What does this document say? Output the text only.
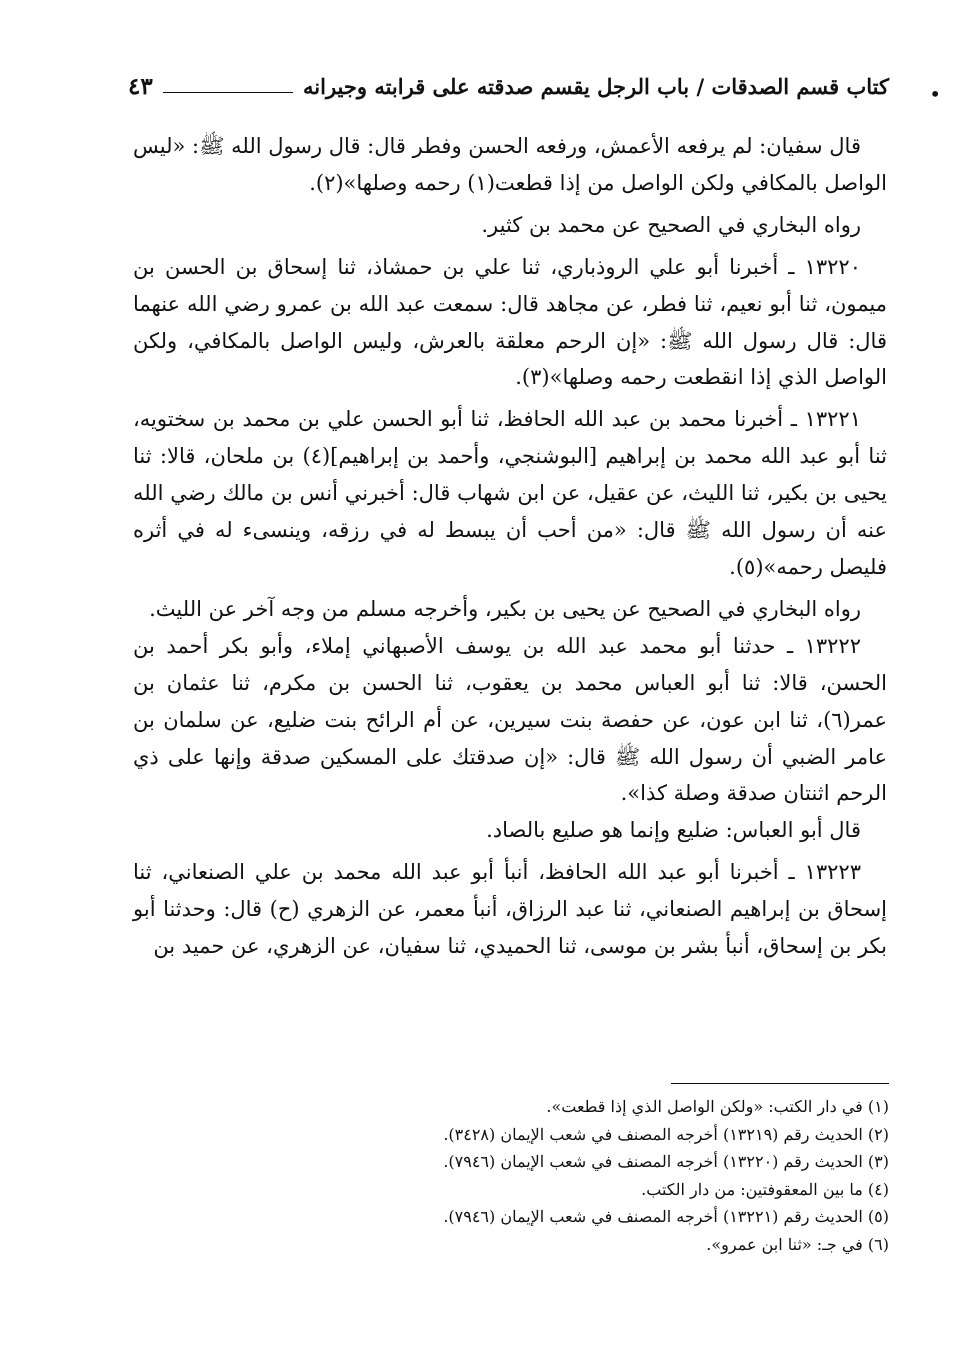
•
كتاب قسم الصدقات / باب الرجل يقسم صدقته على قرابته وجيرانه
٤٣

قال سفيان: لم يرفعه الأعمش، ورفعه الحسن وفطر قال: قال رسول الله ﷺ: «ليس الواصل بالمكافي ولكن الواصل من إذا قطعت(١) رحمه وصلها»(٢).

رواه البخاري في الصحيح عن محمد بن كثير.

١٣٢٢٠ ـ أخبرنا أبو علي الروذباري، ثنا علي بن حمشاذ، ثنا إسحاق بن الحسن بن ميمون، ثنا أبو نعيم، ثنا فطر، عن مجاهد قال: سمعت عبد الله بن عمرو رضي الله عنهما قال: قال رسول الله ﷺ: «إن الرحم معلقة بالعرش، وليس الواصل بالمكافي، ولكن الواصل الذي إذا انقطعت رحمه وصلها»(٣).

١٣٢٢١ ـ أخبرنا محمد بن عبد الله الحافظ، ثنا أبو الحسن علي بن محمد بن سختويه، ثنا أبو عبد الله محمد بن إبراهيم [البوشنجي، وأحمد بن إبراهيم](٤) بن ملحان، قالا: ثنا يحيى بن بكير، ثنا الليث، عن عقيل، عن ابن شهاب قال: أخبرني أنس بن مالك رضي الله عنه أن رسول الله ﷺ قال: «من أحب أن يبسط له في رزقه، وينسىء له في أثره فليصل رحمه»(٥).

رواه البخاري في الصحيح عن يحيى بن بكير، وأخرجه مسلم من وجه آخر عن الليث.

١٣٢٢٢ ـ حدثنا أبو محمد عبد الله بن يوسف الأصبهاني إملاء، وأبو بكر أحمد بن الحسن، قالا: ثنا أبو العباس محمد بن يعقوب، ثنا الحسن بن مكرم، ثنا عثمان بن عمر(٦)، ثنا ابن عون، عن حفصة بنت سيرين، عن أم الرائح بنت ضليع، عن سلمان بن عامر الضبي أن رسول الله ﷺ قال: «إن صدقتك على المسكين صدقة وإنها على ذي الرحم اثنتان صدقة وصلة كذا».

قال أبو العباس: ضليع وإنما هو صليع بالصاد.

١٣٢٢٣ ـ أخبرنا أبو عبد الله الحافظ، أنبأ أبو عبد الله محمد بن علي الصنعاني، ثنا إسحاق بن إبراهيم الصنعاني، ثنا عبد الرزاق، أنبأ معمر، عن الزهري (ح) قال: وحدثنا أبو بكر بن إسحاق، أنبأ بشر بن موسى، ثنا الحميدي، ثنا سفيان، عن الزهري، عن حميد بن

(١) في دار الكتب: «ولكن الواصل الذي إذا قطعت».
(٢) الحديث رقم (١٣٢١٩) أخرجه المصنف في شعب الإيمان (٣٤٢٨).
(٣) الحديث رقم (١٣٢٢٠) أخرجه المصنف في شعب الإيمان (٧٩٤٦).
(٤) ما بين المعقوفتين: من دار الكتب.
(٥) الحديث رقم (١٣٢٢١) أخرجه المصنف في شعب الإيمان (٧٩٤٦).
(٦) في جـ: «ثنا ابن عمرو».
